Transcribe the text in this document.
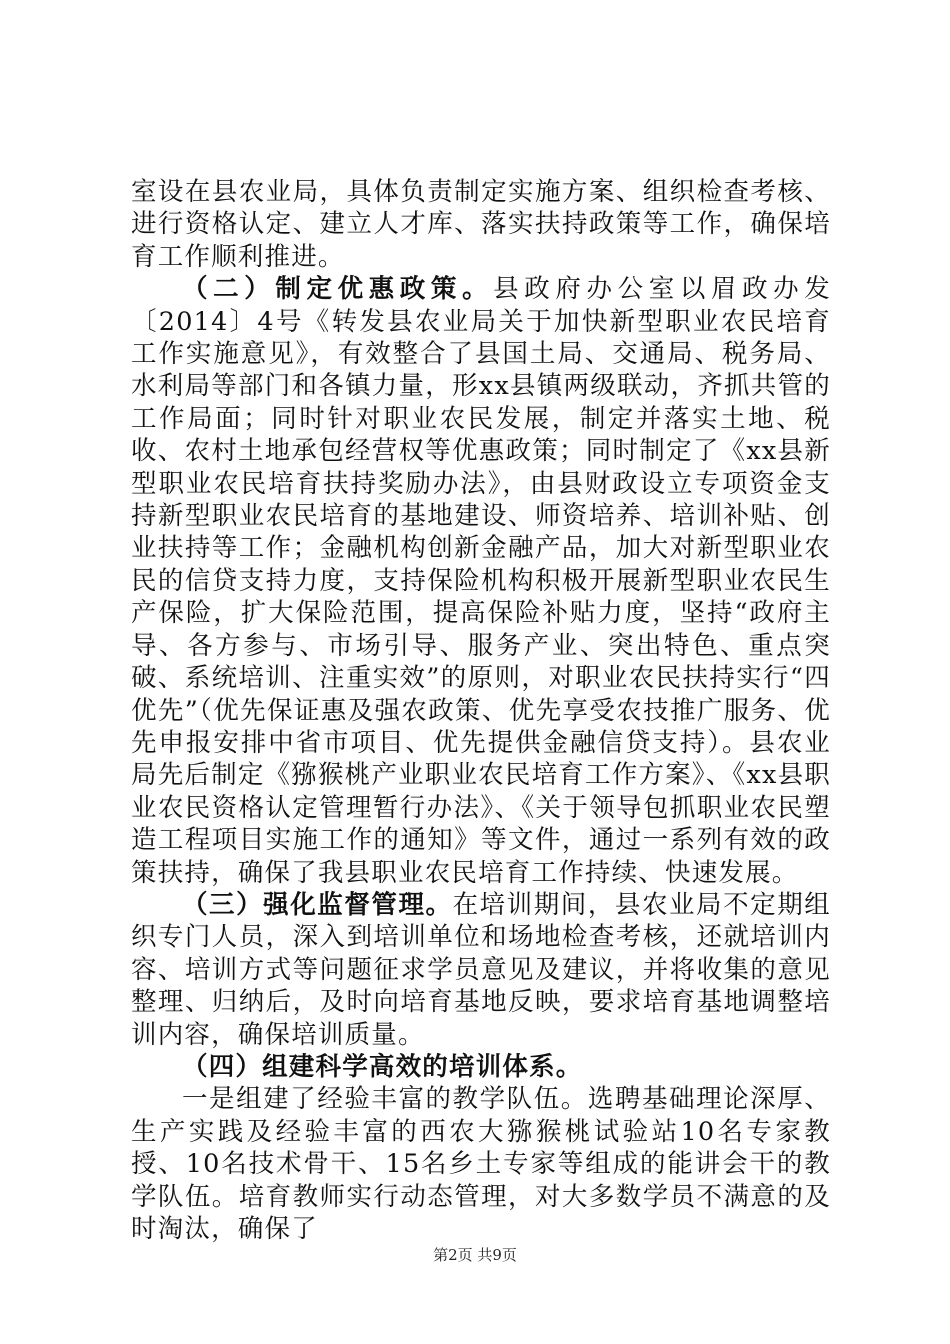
室设在县农业局，具体负责制定实施方案、组织检查考核、进行资格认定、建立人才库、落实扶持政策等工作，确保培育工作顺利推进。

（二）制定优惠政策。县政府办公室以眉政办发〔2014〕4号《转发县农业局关于加快新型职业农民培育工作实施意见》，有效整合了县国土局、交通局、税务局、水利局等部门和各镇力量，形xx县镇两级联动，齐抓共管的工作局面；同时针对职业农民发展，制定并落实土地、税收、农村土地承包经营权等优惠政策；同时制定了《xx县新型职业农民培育扶持奖励办法》，由县财政设立专项资金支持新型职业农民培育的基地建设、师资培养、培训补贴、创业扶持等工作；金融机构创新金融产品，加大对新型职业农民的信贷支持力度，支持保险机构积极开展新型职业农民生产保险，扩大保险范围，提高保险补贴力度，坚持“政府主导、各方参与、市场引导、服务产业、突出特色、重点突破、系统培训、注重实效”的原则，对职业农民扶持实行“四优先”（优先保证惠及强农政策、优先享受农技推广服务、优先申报安排中省市项目、优先提供金融信贷支持）。县农业局先后制定《猕猴桃产业职业农民培育工作方案》、《xx县职业农民资格认定管理暂行办法》、《关于领导包抓职业农民塑造工程项目实施工作的通知》等文件，通过一系列有效的政策扶持，确保了我县职业农民培育工作持续、快速发展。

（三）强化监督管理。在培训期间，县农业局不定期组织专门人员，深入到培训单位和场地检查考核，还就培训内容、培训方式等问题征求学员意见及建议，并将收集的意见整理、归纳后，及时向培育基地反映，要求培育基地调整培训内容，确保培训质量。

（四）组建科学高效的培训体系。

一是组建了经验丰富的教学队伍。选聘基础理论深厚、生产实践及经验丰富的西农大猕猴桃试验站10名专家教授、10名技术骨干、15名乡土专家等组成的能讲会干的教学队伍。培育教师实行动态管理，对大多数学员不满意的及时淘汰，确保了

第2页 共9页
